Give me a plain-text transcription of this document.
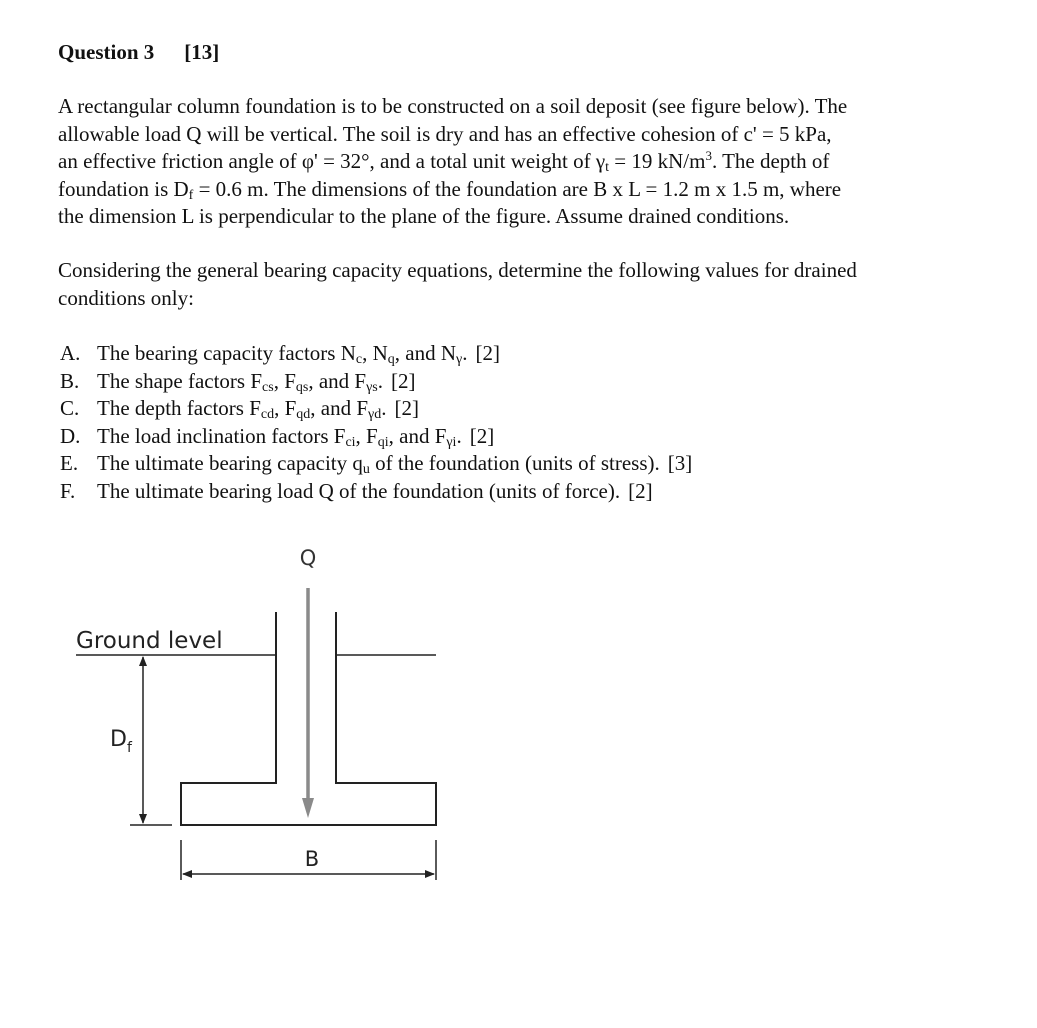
Question 3 [13]
A rectangular column foundation is to be constructed on a soil deposit (see figure below). The
allowable load Q will be vertical. The soil is dry and has an effective cohesion of c' = 5 kPa,
an effective friction angle of φ' = 32°, and a total unit weight of $\gamma_t = 19$ $kN/m^3$. The depth of
foundation is $D_f = 0.6$ m. The dimensions of the foundation are B x L = 1.2 m x 1.5 m, where
the dimension L is perpendicular to the plane of the figure. Assume drained conditions.
Considering the general bearing capacity equations, determine the following values for drained
conditions only:
A. The bearing capacity factors $N_c$, $N_q$, and $N_\gamma$. [2]
B. The shape factors $F_{cs}$, $F_{qs}$, and $F_{\gamma s}$. [2]
C. The depth factors $F_{cd}$, $F_{qd}$, and $F_{\gamma d}$. [2]
D. The load inclination factors $F_{ci}$, $F_{qi}$, and $F_{\gamma i}$. [2]
E. The ultimate bearing capacity $q_u$ of the foundation (units of stress). [3]
F. The ultimate bearing load Q of the foundation (units of force). [2]
Q
Ground level
$D_f$
B
